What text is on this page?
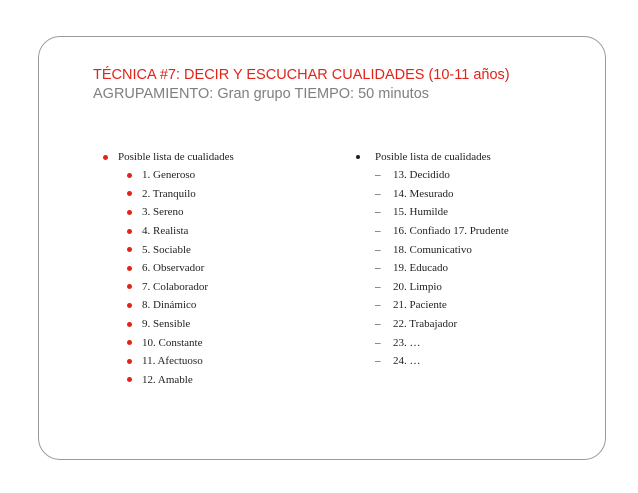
TÉCNICA #7: DECIR Y ESCUCHAR CUALIDADES (10-11 años)
AGRUPAMIENTO: Gran grupo TIEMPO: 50 minutos
Posible lista de cualidades
1. Generoso
2. Tranquilo
3. Sereno
4. Realista
5. Sociable
6. Observador
7. Colaborador
8. Dinámico
9. Sensible
10. Constante
11. Afectuoso
12. Amable
Posible lista de cualidades
–	13. Decidido
–	14. Mesurado
–	15. Humilde
–	16. Confiado 17. Prudente
–	18. Comunicativo
–	19. Educado
–	20. Limpio
–	21. Paciente
–	22. Trabajador
–	23. …
–	24. …
